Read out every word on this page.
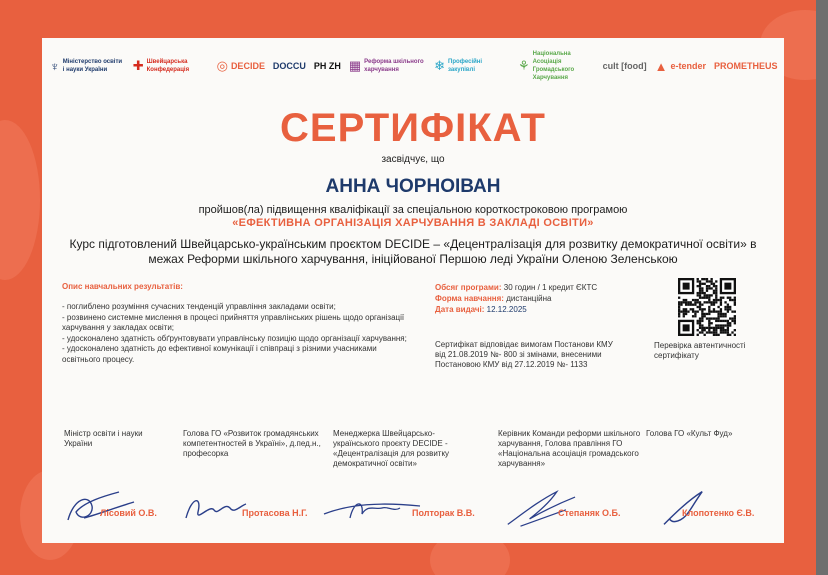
♆ Міністерство освіти і науки України	✚ Швейцарська Конфедерація	◎ DECIDE DOCCU PH ZH ▦ Реформа шкільного харчування	❄ Професійні закупівлі	⚘
Національна Асоціація Громадського Харчування
cult [food] ▲ e-tender PROMETHEUS
СЕРТИФІКАТ
засвідчує, що
АННА ЧОРНОІВАН
пройшов(ла) підвищення кваліфікації за спеціальною короткостроковою програмою
«ЕФЕКТИВНА ОРГАНІЗАЦІЯ ХАРЧУВАННЯ В ЗАКЛАДІ ОСВІТИ»
Курс підготовлений Швейцарсько-українським проєктом DECIDE – «Децентралізація для розвитку демократичної освіти» в межах Реформи шкільного харчування, ініційованої Першою леді України Оленою Зеленською
Опис навчальних результатів:
- поглиблено розуміння сучасних тенденцій управління закладами освіти;
- розвинено системне мислення в процесі прийняття управлінських рішень щодо організації харчування у закладах освіти;
- удосконалено здатність обґрунтовувати управлінську позицію щодо організації харчування;
- удосконалено здатність до ефективної комунікації і співпраці з різними учасниками освітнього процесу.
Обсяг програми: 30 годин / 1 кредит ЄКТС
Форма навчання: дистанційна
Дата видачі: 12.12.2025
Сертифікат відповідає вимогам Постанови КМУ від 21.08.2019 №- 800 зі змінами, внесеними Постановою КМУ від 27.12.2019 №- 1133
Перевірка автентичності сертифікату
Міністр освіти і науки України
Голова ГО «Розвиток громадянських компетентностей в Україні», д.пед.н., професорка
Менеджерка Швейцарсько-українського проєкту DECIDE - «Децентралізація для розвитку демократичної освіти»
Керівник Команди реформи шкільного харчування, Голова правління ГО «Національна асоціація громадського харчування»
Голова ГО «Культ Фуд»
Лісовий О.В.	Протасова Н.Г.	Полторак В.В.	Степаняк О.Б.	Клопотенко Є.В.
